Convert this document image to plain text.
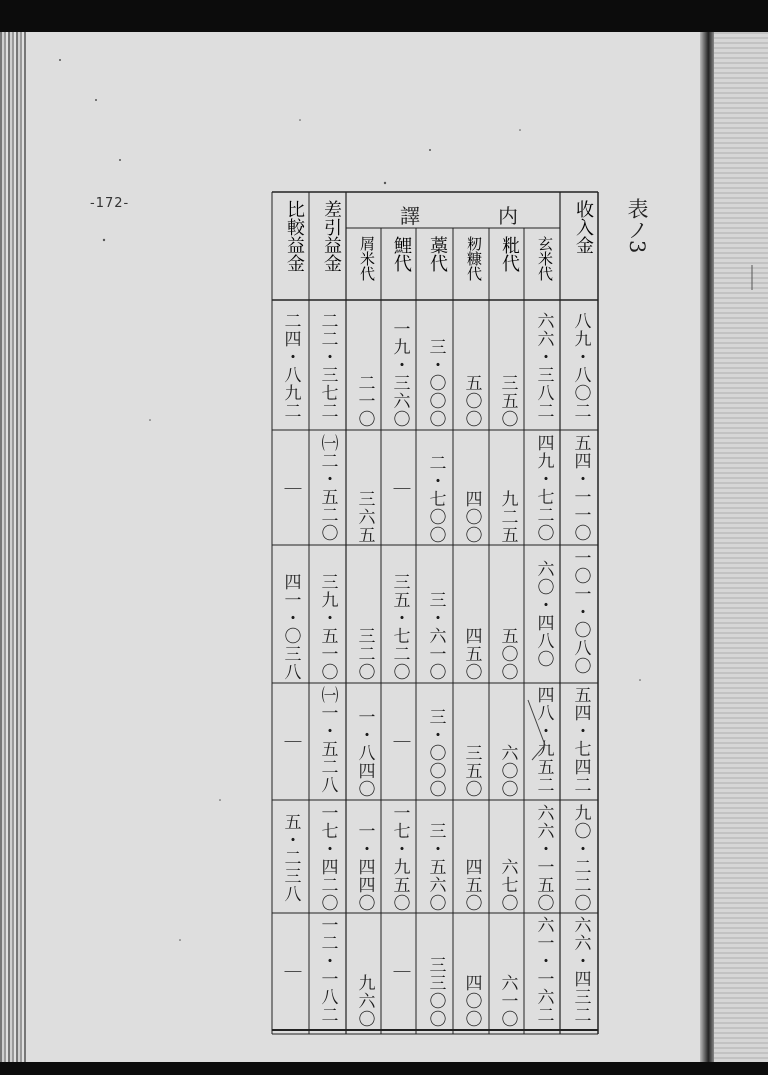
-172-	表ノ3
内
譯	收入金
玄米代
粃代
籾糠代
藁代
鯉代
屑米代
差引益金
比較益金
八九・八〇二
六六・三八二
三五〇
五〇〇
三・〇〇〇
一九・三六〇
二一〇
二二・三七二
二四・八九二
五四・一一〇
四九・七二〇
九二五
四〇〇
二・七〇〇
｜
三六五
㈠二・五二〇
｜
一〇一・〇八〇
六〇・四八〇
五〇〇
四五〇
三・六一〇
三五・七二〇
三二〇
三九・五一〇
四一・〇三八
五四・七四二
四八・九五二
六〇〇
三五〇
三・〇〇〇
｜
一・八四〇
㈠一・五二八
｜
九〇・二二〇
六六・一五〇
六七〇
四五〇
三・五六〇
一七・九五〇
一・四四〇
一七・四二〇
五・二三八
六六・四三二
六一・一六二
六一〇
四〇〇
三三〇〇
｜
九六〇
一二・一八二
｜
